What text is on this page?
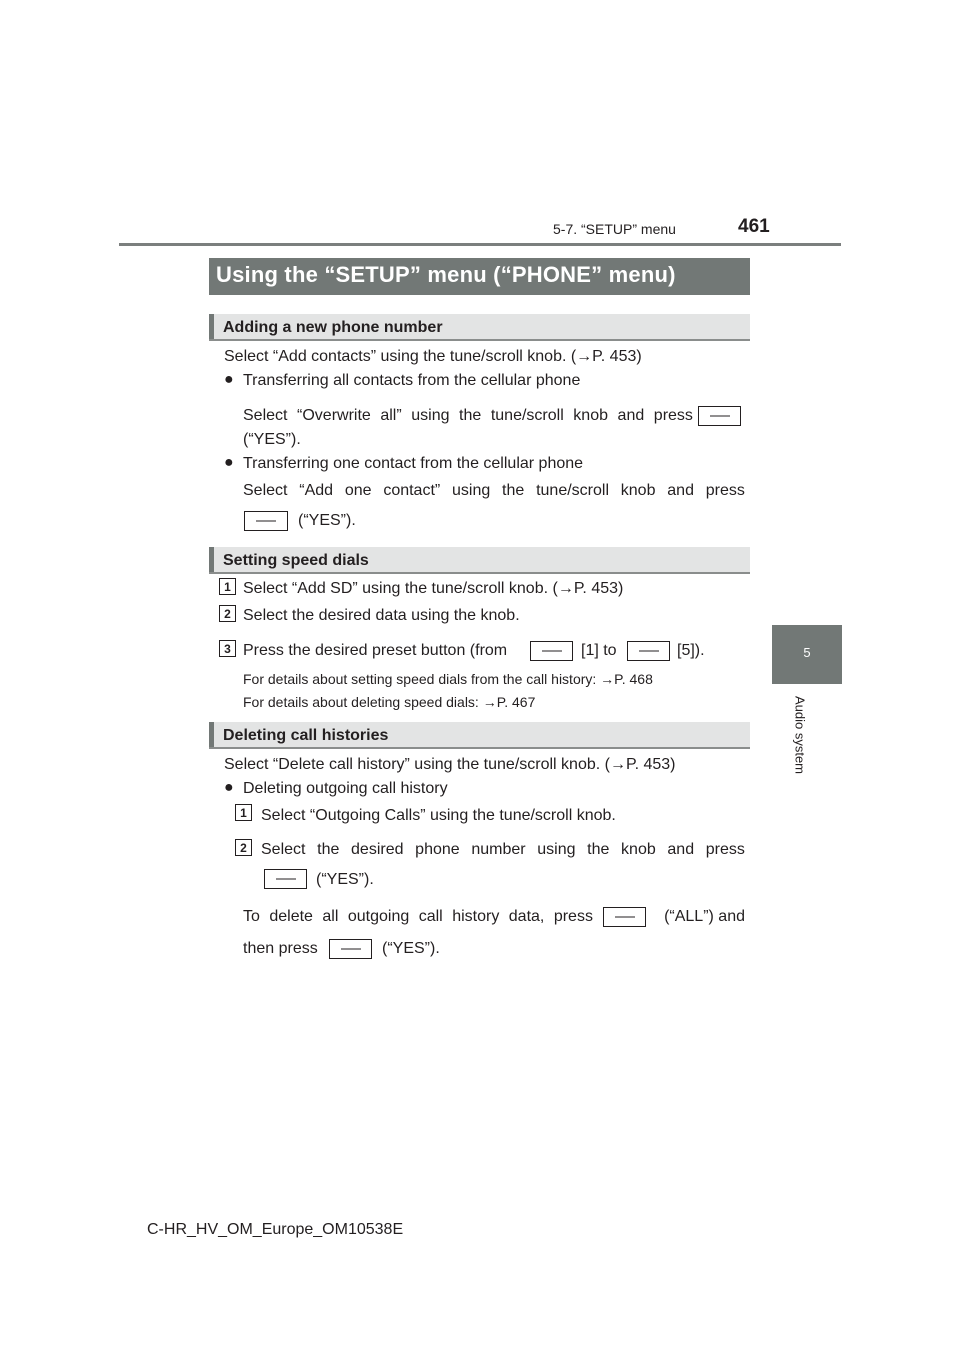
5-7. “SETUP” menu	461
5
Audio system
Using the “SETUP” menu (“PHONE” menu)
Adding a new phone number
Select “Add contacts” using the tune/scroll knob. (→P. 453)
● Transferring all contacts from the cellular phone
Select “Overwrite all” using the tune/scroll knob and press
(“YES”).
● Transferring one contact from the cellular phone
Select “Add one contact” using the tune/scroll knob and press
(“YES”).
Setting speed dials
1 Select “Add SD” using the tune/scroll knob. (→P. 453)
2 Select the desired data using the knob.
3 Press the desired preset button (from	[1] to	[5]).
For details about setting speed dials from the call history: →P. 468
For details about deleting speed dials: →P. 467
Deleting call histories
Select “Delete call history” using the tune/scroll knob. (→P. 453)
● Deleting outgoing call history
1 Select “Outgoing Calls” using the tune/scroll knob.
2 Select the desired phone number using the knob and press
(“YES”).
To delete all outgoing call history data, press	(“ALL”) and
then press	(“YES”).
C-HR_HV_OM_Europe_OM10538E
